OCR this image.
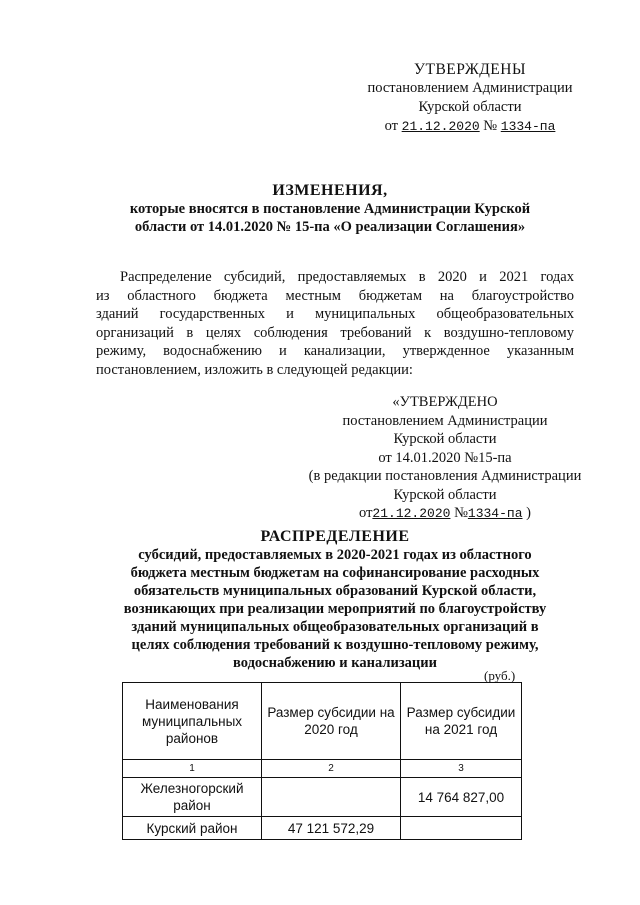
УТВЕРЖДЕНЫ
постановлением Администрации
Курской области
от 21.12.2020 № 1334-па
ИЗМЕНЕНИЯ,
которые вносятся в постановление Администрации Курской
области от 14.01.2020 № 15-па «О реализации Соглашения»
Распределение субсидий, предоставляемых в 2020 и 2021 годах
из областного бюджета местным бюджетам на благоустройство
зданий государственных и муниципальных общеобразовательных
организаций в целях соблюдения требований к воздушно-тепловому
режиму, водоснабжению и канализации, утвержденное указанным
постановлением, изложить в следующей редакции:
«УТВЕРЖДЕНО
постановлением Администрации
Курской области
от 14.01.2020 №15-па
(в редакции постановления Администрации
Курской области
от21.12.2020 №1334-па )
РАСПРЕДЕЛЕНИЕ
субсидий, предоставляемых в 2020-2021 годах из областного
бюджета местным бюджетам на софинансирование расходных
обязательств муниципальных образований Курской области,
возникающих при реализации мероприятий по благоустройству
зданий муниципальных общеобразовательных организаций в
целях соблюдения требований к воздушно-тепловому режиму,
водоснабжению и канализации
(руб.)
Наименования муниципальных районов	Размер субсидии на 2020 год	Размер субсидии на 2021 год
1	2	3
Железногорский район		14 764 827,00
Курский район	47 121 572,29	
